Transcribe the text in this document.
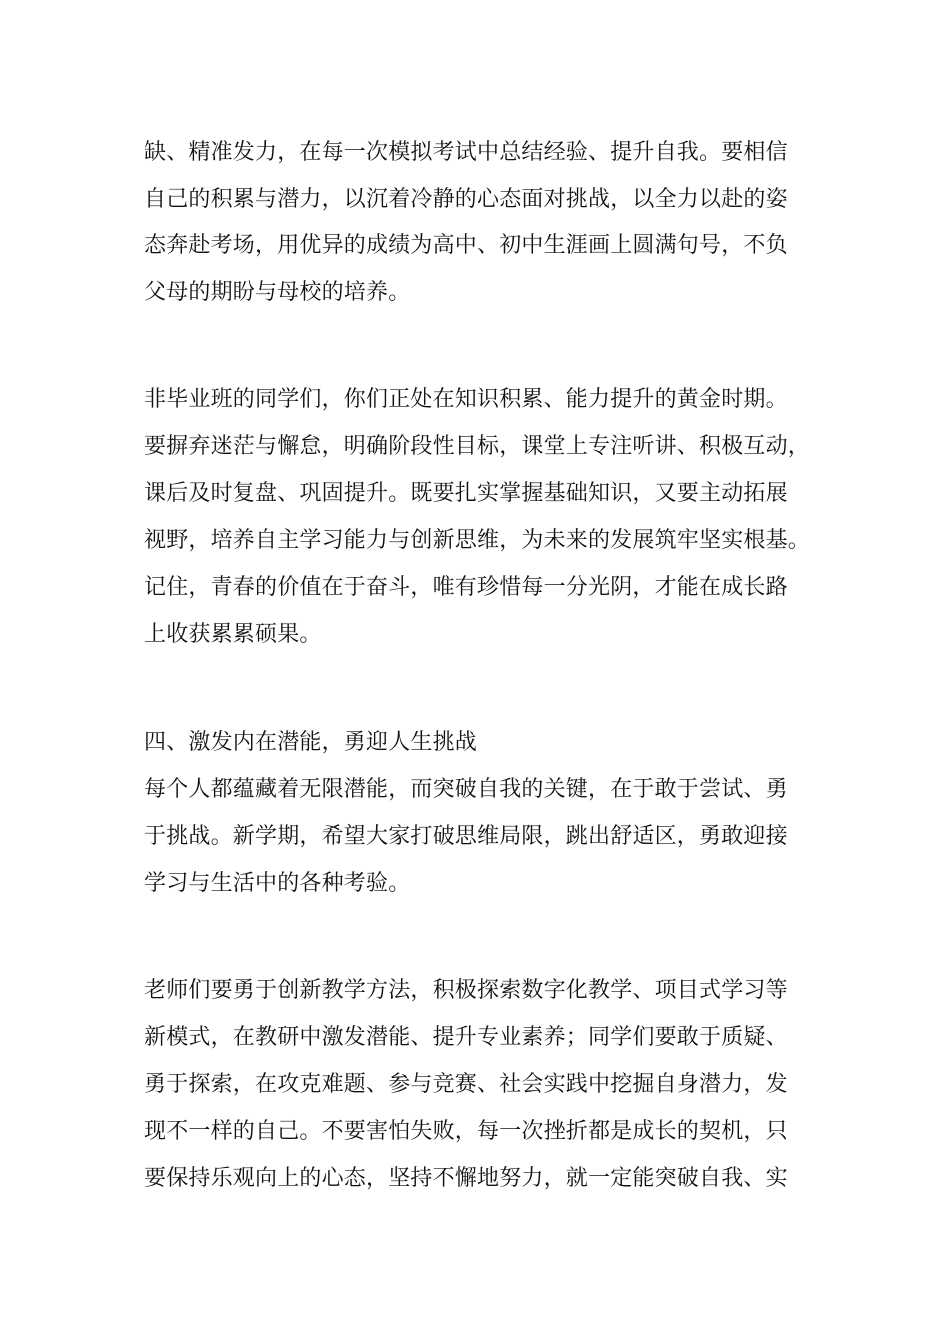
缺、精准发力，在每一次模拟考试中总结经验、提升自我。要相信
自己的积累与潜力，以沉着冷静的心态面对挑战，以全力以赴的姿
态奔赴考场，用优异的成绩为高中、初中生涯画上圆满句号，不负
父母的期盼与母校的培养。
非毕业班的同学们，你们正处在知识积累、能力提升的黄金时期。
要摒弃迷茫与懈怠，明确阶段性目标，课堂上专注听讲、积极互动，
课后及时复盘、巩固提升。既要扎实掌握基础知识，又要主动拓展
视野，培养自主学习能力与创新思维，为未来的发展筑牢坚实根基。
记住，青春的价值在于奋斗，唯有珍惜每一分光阴，才能在成长路
上收获累累硕果。
四、激发内在潜能，勇迎人生挑战
每个人都蕴藏着无限潜能，而突破自我的关键，在于敢于尝试、勇
于挑战。新学期，希望大家打破思维局限，跳出舒适区，勇敢迎接
学习与生活中的各种考验。
老师们要勇于创新教学方法，积极探索数字化教学、项目式学习等
新模式，在教研中激发潜能、提升专业素养；同学们要敢于质疑、
勇于探索，在攻克难题、参与竞赛、社会实践中挖掘自身潜力，发
现不一样的自己。不要害怕失败，每一次挫折都是成长的契机，只
要保持乐观向上的心态，坚持不懈地努力，就一定能突破自我、实
